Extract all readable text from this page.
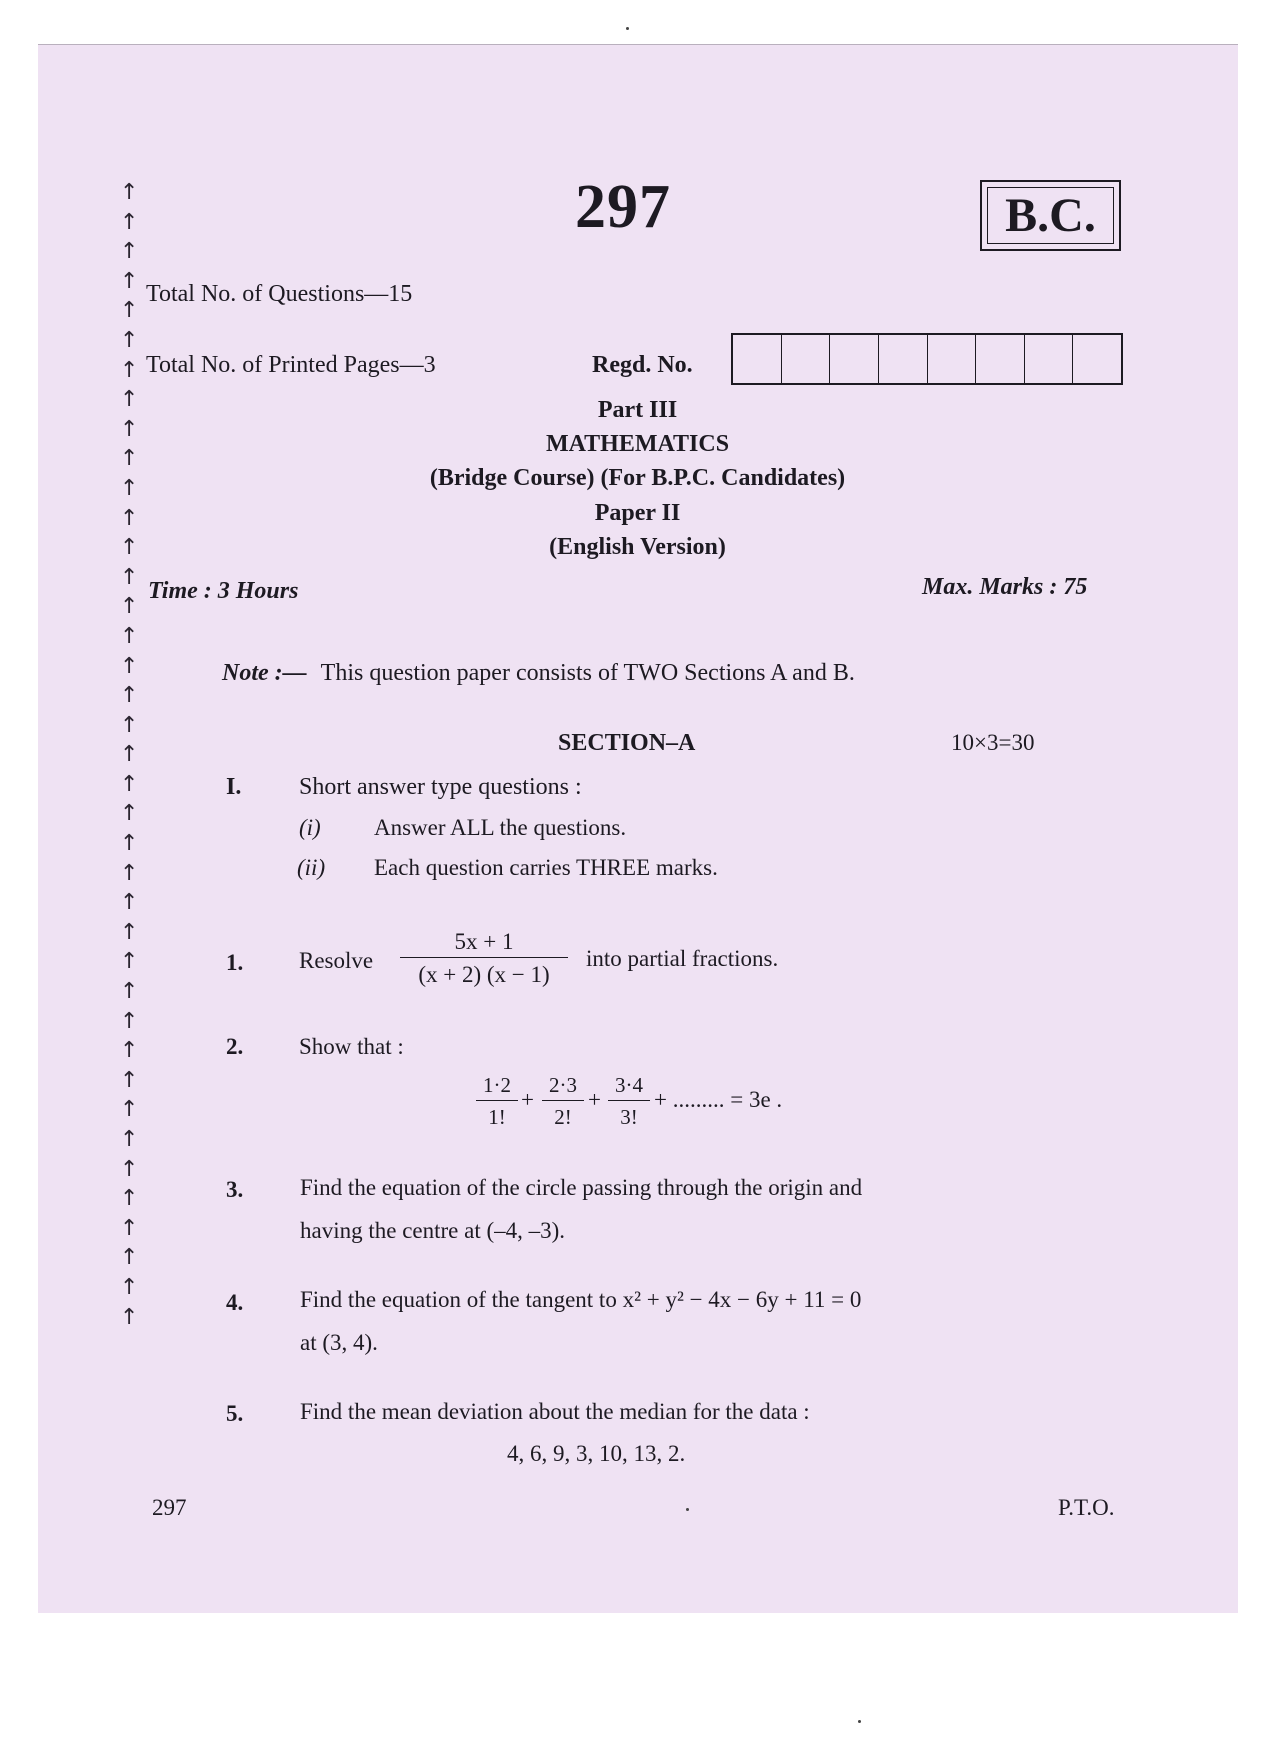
↑
↑
↑
↑
↑
↑
↑
↑
↑
↑
↑
↑
↑
↑
↑
↑
↑
↑
↑
↑
↑
↑
↑
↑
↑
↑
↑
↑
↑
↑
↑
↑
↑
↑
↑
↑
↑
↑
↑
297	B.C.
Total No. of Questions—15
Total No. of Printed Pages—3	Regd. No.
Part III
MATHEMATICS
(Bridge Course) (For B.P.C. Candidates)
Paper II
(English Version)
Time : 3 Hours	Max. Marks : 75
Note :— This question paper consists of TWO Sections A and B.
SECTION–A	10×3=30
I. Short answer type questions :
(i) Answer ALL the questions.
(ii) Each question carries THREE marks.
1. Resolve $\frac{5x + 1}{(x + 2) (x - 1)}$ into partial fractions.
2. Show that :
$\frac{1\cdot 2}{1!} + \frac{2\cdot 3}{2!} + \frac{3\cdot 4}{3!}$ + ......... = 3e .
3. Find the equation of the circle passing through the origin and
having the centre at (–4, –3).
4. Find the equation of the tangent to x² + y² − 4x − 6y + 11 = 0
at (3, 4).
5. Find the mean deviation about the median for the data :
4, 6, 9, 3, 10, 13, 2.
297	P.T.O.
